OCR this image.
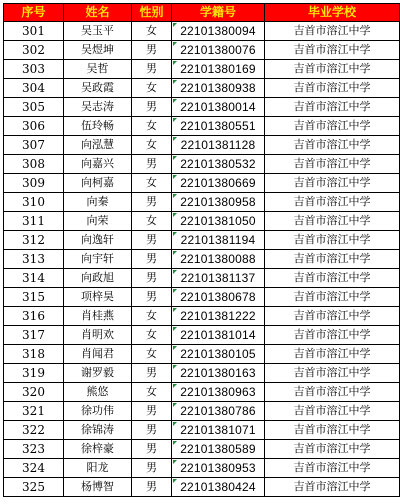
序号	姓名	性别	学籍号	毕业学校
301	吴玉平	女	22101380094	吉首市溶江中学
302	吴煜坤	男	22101380076	吉首市溶江中学
303	吴哲	男	22101380169	吉首市溶江中学
304	吴政霞	女	22101380938	吉首市溶江中学
305	吴志涛	男	22101380014	吉首市溶江中学
306	伍玲畅	女	22101380551	吉首市溶江中学
307	向泓慧	女	22101381128	吉首市溶江中学
308	向嘉兴	男	22101380532	吉首市溶江中学
309	向柯嘉	女	22101380669	吉首市溶江中学
310	向秦	男	22101380958	吉首市溶江中学
311	向荣	女	22101381050	吉首市溶江中学
312	向逸轩	男	22101381194	吉首市溶江中学
313	向宇轩	男	22101380088	吉首市溶江中学
314	向政旭	男	22101381137	吉首市溶江中学
315	项梓昊	男	22101380678	吉首市溶江中学
316	肖桂燕	女	22101381222	吉首市溶江中学
317	肖明欢	女	22101381014	吉首市溶江中学
318	肖闻君	女	22101380105	吉首市溶江中学
319	谢罗毅	男	22101380163	吉首市溶江中学
320	熊悠	女	22101380963	吉首市溶江中学
321	徐功伟	男	22101380786	吉首市溶江中学
322	徐锦涛	男	22101381071	吉首市溶江中学
323	徐梓豪	男	22101380589	吉首市溶江中学
324	阳龙	男	22101380953	吉首市溶江中学
325	杨博智	男	22101380424	吉首市溶江中学
